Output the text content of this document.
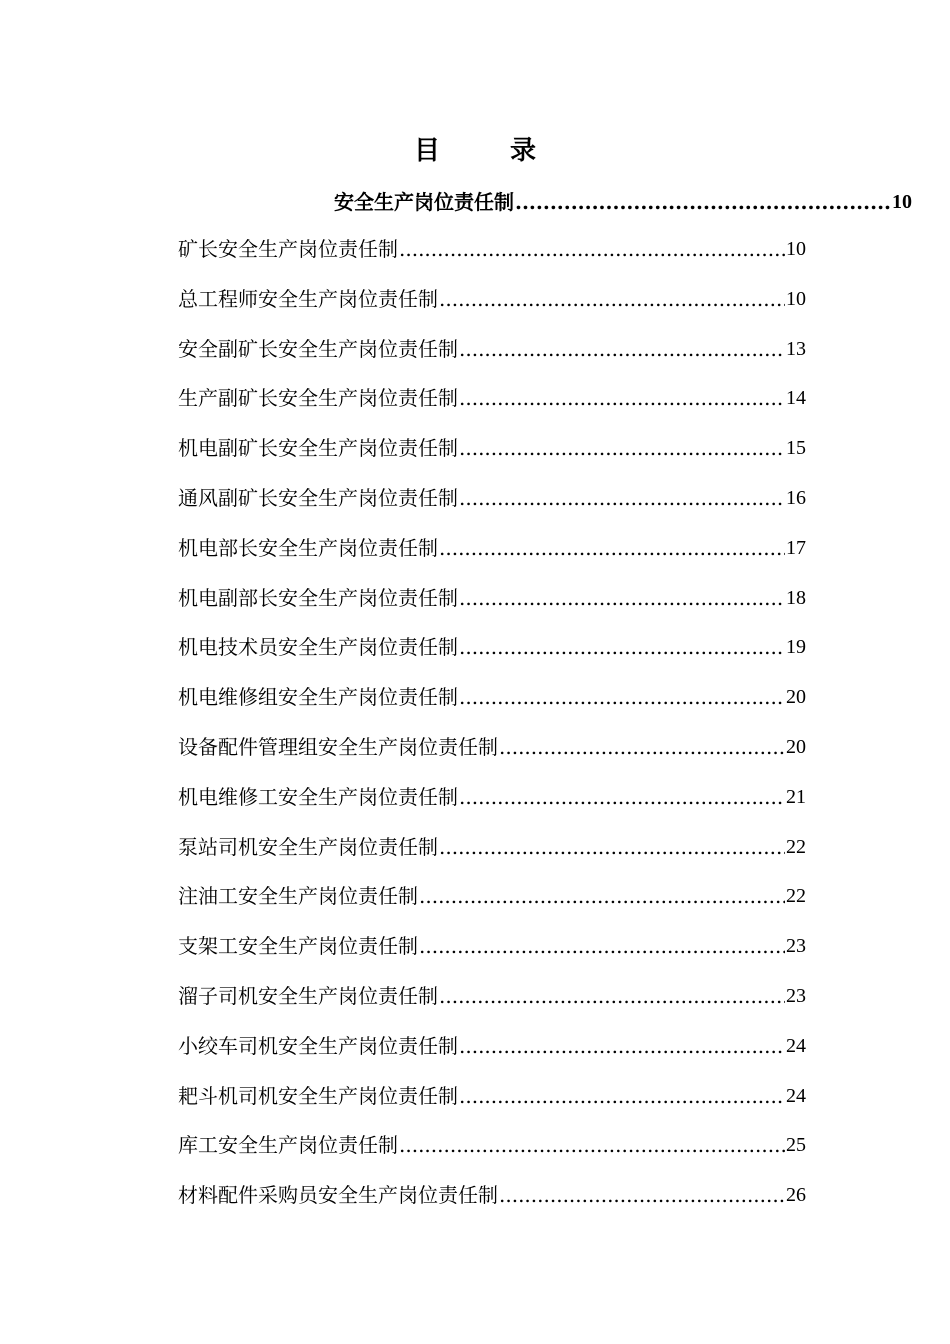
目　录
安全生产岗位责任制 .....	10
矿长安全生产岗位责任制 .....	10
总工程师安全生产岗位责任制 .....	10
安全副矿长安全生产岗位责任制 .....	13
生产副矿长安全生产岗位责任制 .....	14
机电副矿长安全生产岗位责任制 .....	15
通风副矿长安全生产岗位责任制 .....	16
机电部长安全生产岗位责任制 .....	17
机电副部长安全生产岗位责任制 .....	18
机电技术员安全生产岗位责任制 .....	19
机电维修组安全生产岗位责任制 .....	20
设备配件管理组安全生产岗位责任制 .....	20
机电维修工安全生产岗位责任制 .....	21
泵站司机安全生产岗位责任制 .....	22
注油工安全生产岗位责任制 .....	22
支架工安全生产岗位责任制 .....	23
溜子司机安全生产岗位责任制 .....	23
小绞车司机安全生产岗位责任制 .....	24
耙斗机司机安全生产岗位责任制 .....	24
库工安全生产岗位责任制 .....	25
材料配件采购员安全生产岗位责任制 .....	26
